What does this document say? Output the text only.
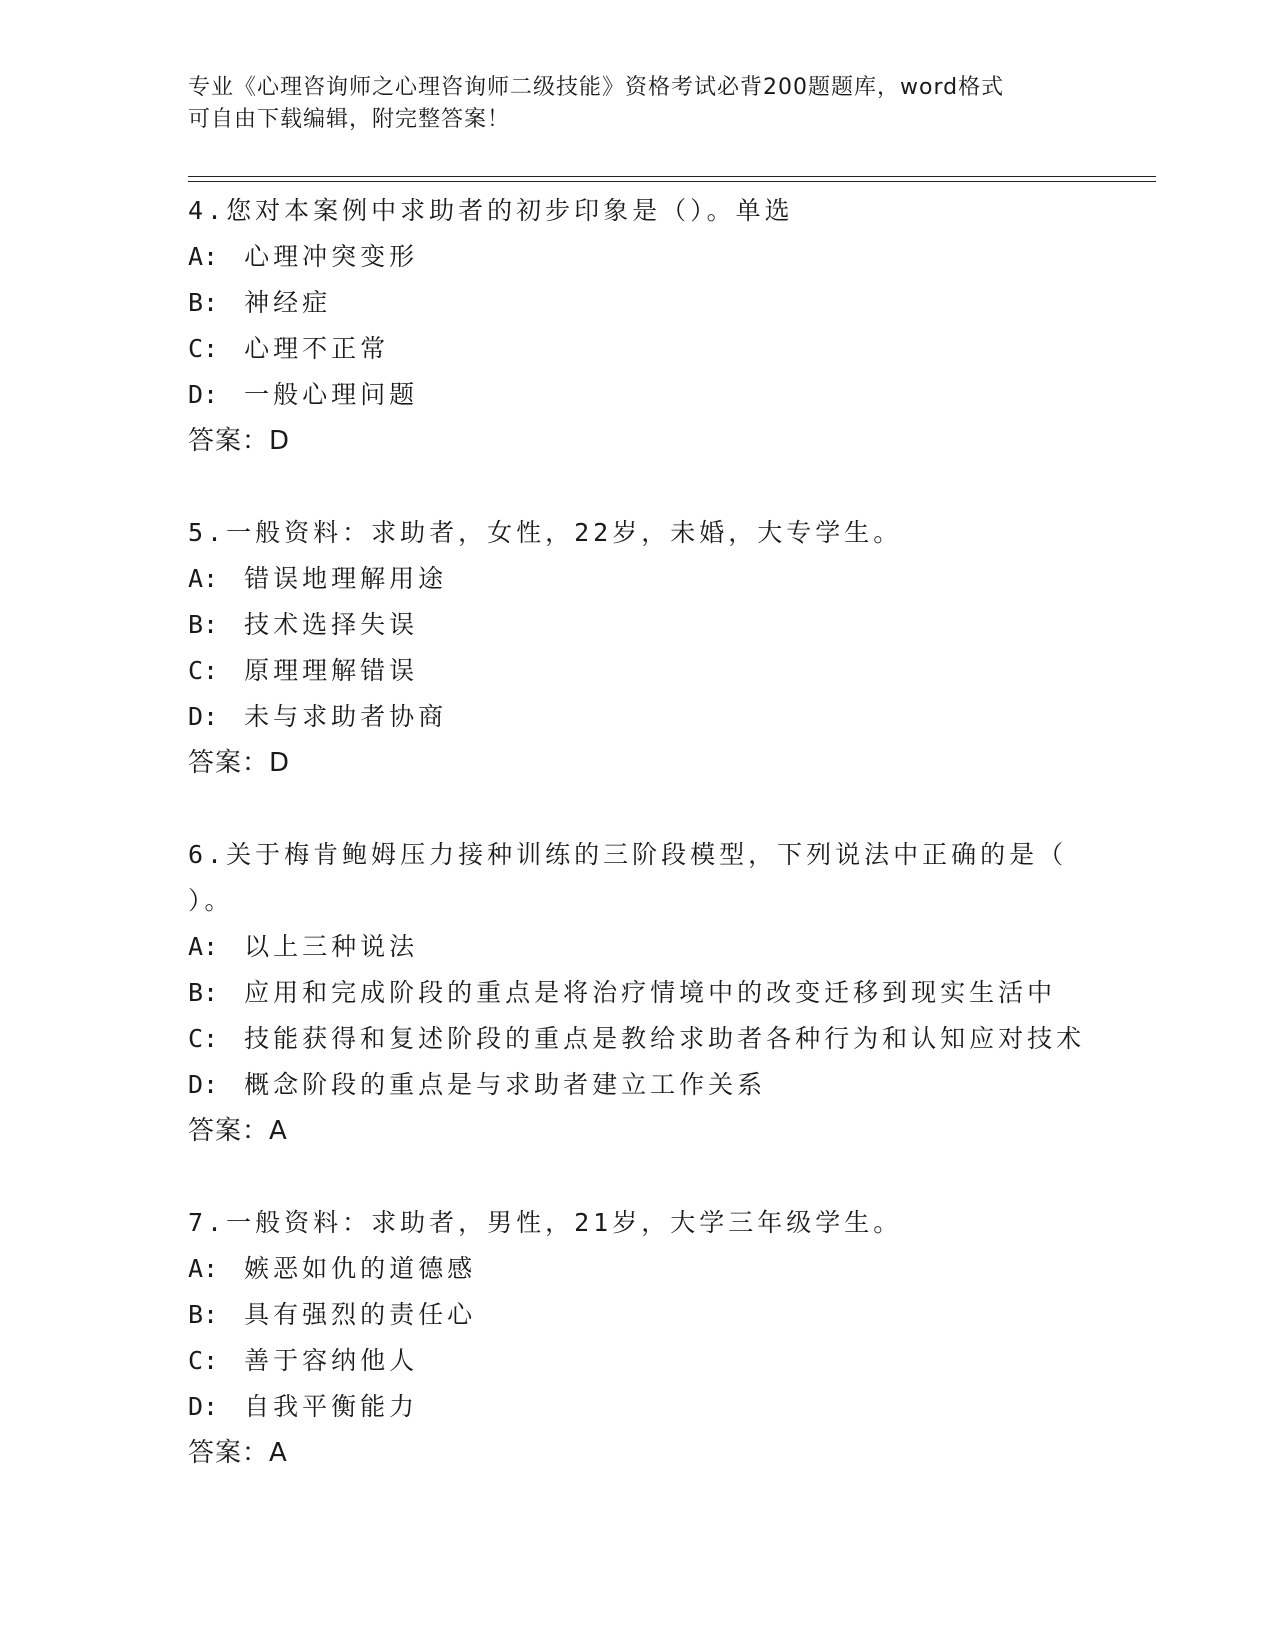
专业《心理咨询师之心理咨询师二级技能》资格考试必背200题题库，word格式
可自由下载编辑，附完整答案！
4.您对本案例中求助者的初步印象是（）。单选
A: 心理冲突变形
B: 神经症
C: 心理不正常
D: 一般心理问题
答案：D
5.一般资料：求助者，女性，22岁，未婚，大专学生。
A: 错误地理解用途
B: 技术选择失误
C: 原理理解错误
D: 未与求助者协商
答案：D
6.关于梅肯鲍姆压力接种训练的三阶段模型，下列说法中正确的是（
）。
A: 以上三种说法
B: 应用和完成阶段的重点是将治疗情境中的改变迁移到现实生活中
C: 技能获得和复述阶段的重点是教给求助者各种行为和认知应对技术
D: 概念阶段的重点是与求助者建立工作关系
答案：A
7.一般资料：求助者，男性，21岁，大学三年级学生。
A: 嫉恶如仇的道德感
B: 具有强烈的责任心
C: 善于容纳他人
D: 自我平衡能力
答案：A
